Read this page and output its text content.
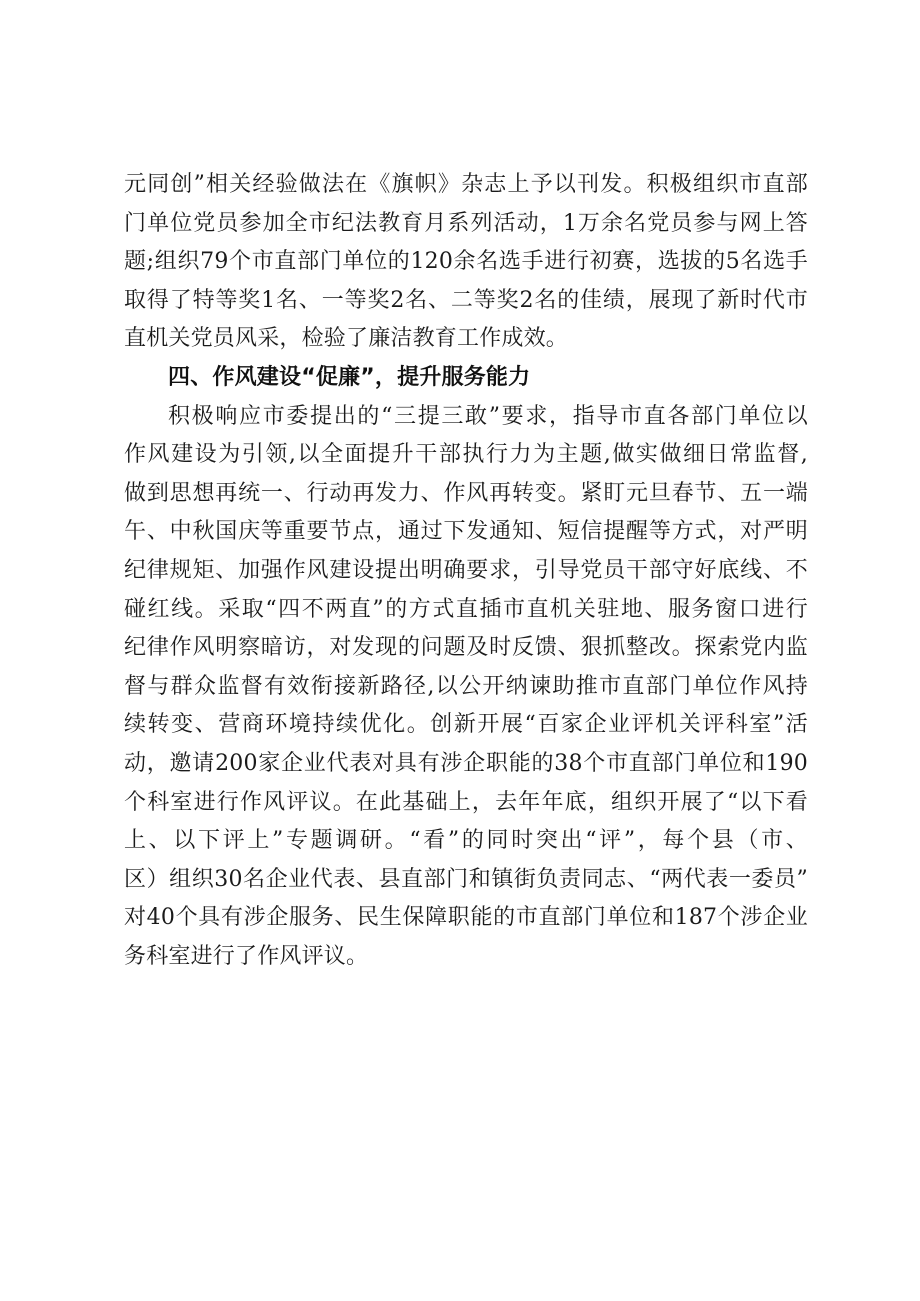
元同创”相关经验做法在《旗帜》杂志上予以刊发。积极组织市直部
门单位党员参加全市纪法教育月系列活动，1万余名党员参与网上答
题;组织79个市直部门单位的120余名选手进行初赛，选拔的5名选手
取得了特等奖1名、一等奖2名、二等奖2名的佳绩，展现了新时代市
直机关党员风采，检验了廉洁教育工作成效。
四、作风建设“促廉”，提升服务能力
积极响应市委提出的“三提三敢”要求，指导市直各部门单位以
作风建设为引领,以全面提升干部执行力为主题,做实做细日常监督,
做到思想再统一、行动再发力、作风再转变。紧盯元旦春节、五一端
午、中秋国庆等重要节点，通过下发通知、短信提醒等方式，对严明
纪律规矩、加强作风建设提出明确要求，引导党员干部守好底线、不
碰红线。采取“四不两直”的方式直插市直机关驻地、服务窗口进行
纪律作风明察暗访，对发现的问题及时反馈、狠抓整改。探索党内监
督与群众监督有效衔接新路径,以公开纳谏助推市直部门单位作风持
续转变、营商环境持续优化。创新开展“百家企业评机关评科室”活
动，邀请200家企业代表对具有涉企职能的38个市直部门单位和190
个科室进行作风评议。在此基础上，去年年底，组织开展了“以下看
上、以下评上”专题调研。“看”的同时突出“评”，每个县（市、
区）组织30名企业代表、县直部门和镇街负责同志、“两代表一委员”
对40个具有涉企服务、民生保障职能的市直部门单位和187个涉企业
务科室进行了作风评议。
